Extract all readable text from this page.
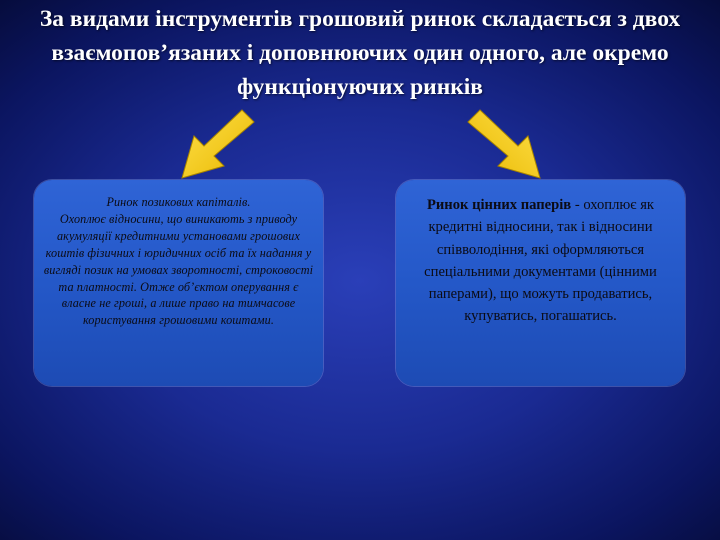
За видами інструментів грошовий ринок складається з двох взаємопов’язаних і доповнюючих один одного, але окремо функціонуючих ринків
Ринок позикових капіталів.
Охоплює відносини, що виникають з приводу акумуляції кредитними установами грошових коштів фізичних і юридичних осіб та їх надання у вигляді позик на умовах зворотності, строковості та платності. Отже об’єктом оперування є власне не гроші, а лише право на тимчасове користування грошовими коштами.
Ринок цінних паперів - охоплює як кредитні відносини, так і відносини співволодіння, які оформляються спеціальними документами (цінними паперами), що можуть продаватись, купуватись, погашатись.
